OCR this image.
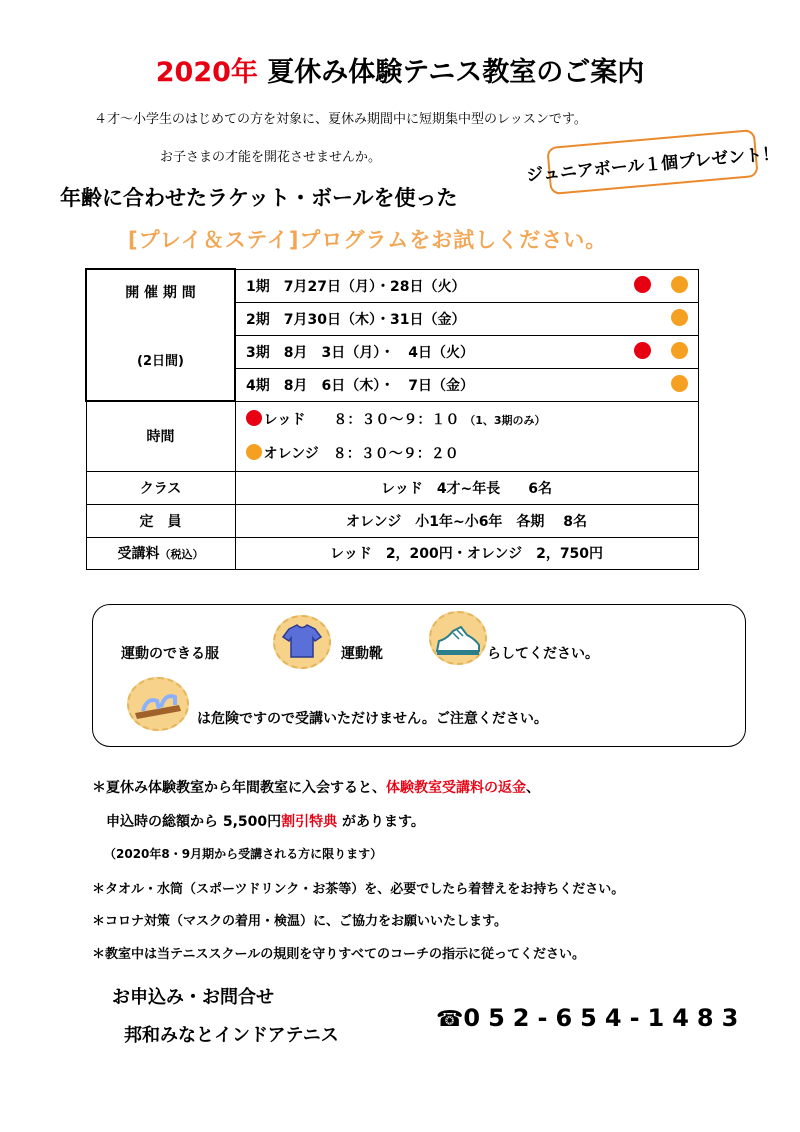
2020年 夏休み体験テニス教室のご案内
４才～小学生のはじめての方を対象に、夏休み期間中に短期集中型のレッスンです。
お子さまの才能を開花させませんか。	ジュニアボール１個プレゼント！
年齢に合わせたラケット・ボールを使った
[プレイ＆ステイ]プログラムをお試しください。
開 催 期 間
(2日間)	1期　7月27日（月）・28日（火）

	2期　7月30日（木）・31日（金）

	3期　8月　3日（月）・　4日（火）

	4期　8月　6日（木）・　7日（金）

時間	レッド　　８：３０～９：１０ （1、3期のみ）
	オレンジ　８：３０～９：２０
クラス	レッド　4才~年長　　6名
定　員	オレンジ　小1年~小6年　各期　 8名
受講料（税込）	レッド　2，200円・オレンジ　2，750円
運動のできる服	運動靴	らしてください。
は危険ですので受講いただけません。ご注意ください。
＊夏休み体験教室から年間教室に入会すると、体験教室受講料の返金、
申込時の総額から 5,500円割引特典 があります。
（2020年8・9月期から受講される方に限ります）
＊タオル・水筒（スポーツドリンク・お茶等）を、必要でしたら着替えをお持ちください。
＊コロナ対策（マスクの着用・検温）に、ご協力をお願いいたします。
＊教室中は当テニススクールの規則を守りすべてのコーチの指示に従ってください。
お申込み・お問合せ
邦和みなとインドアテニス
☎052-654-1483
